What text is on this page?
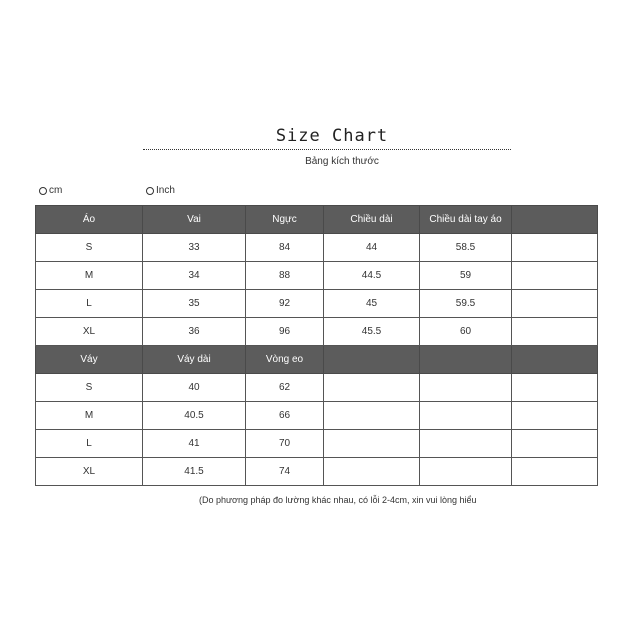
Size Chart
Bảng kích thước
cm	Inch
Áo	Vai	Ngực	Chiều dài	Chiều dài tay áo	
S	33	84	44	58.5	
M	34	88	44.5	59	
L	35	92	45	59.5	
XL	36	96	45.5	60	
Váy	Váy dài	Vòng eo			
S	40	62			
M	40.5	66			
L	41	70			
XL	41.5	74			
(Do phương pháp đo lường khác nhau, có lỗi 2-4cm, xin vui lòng hiểu
